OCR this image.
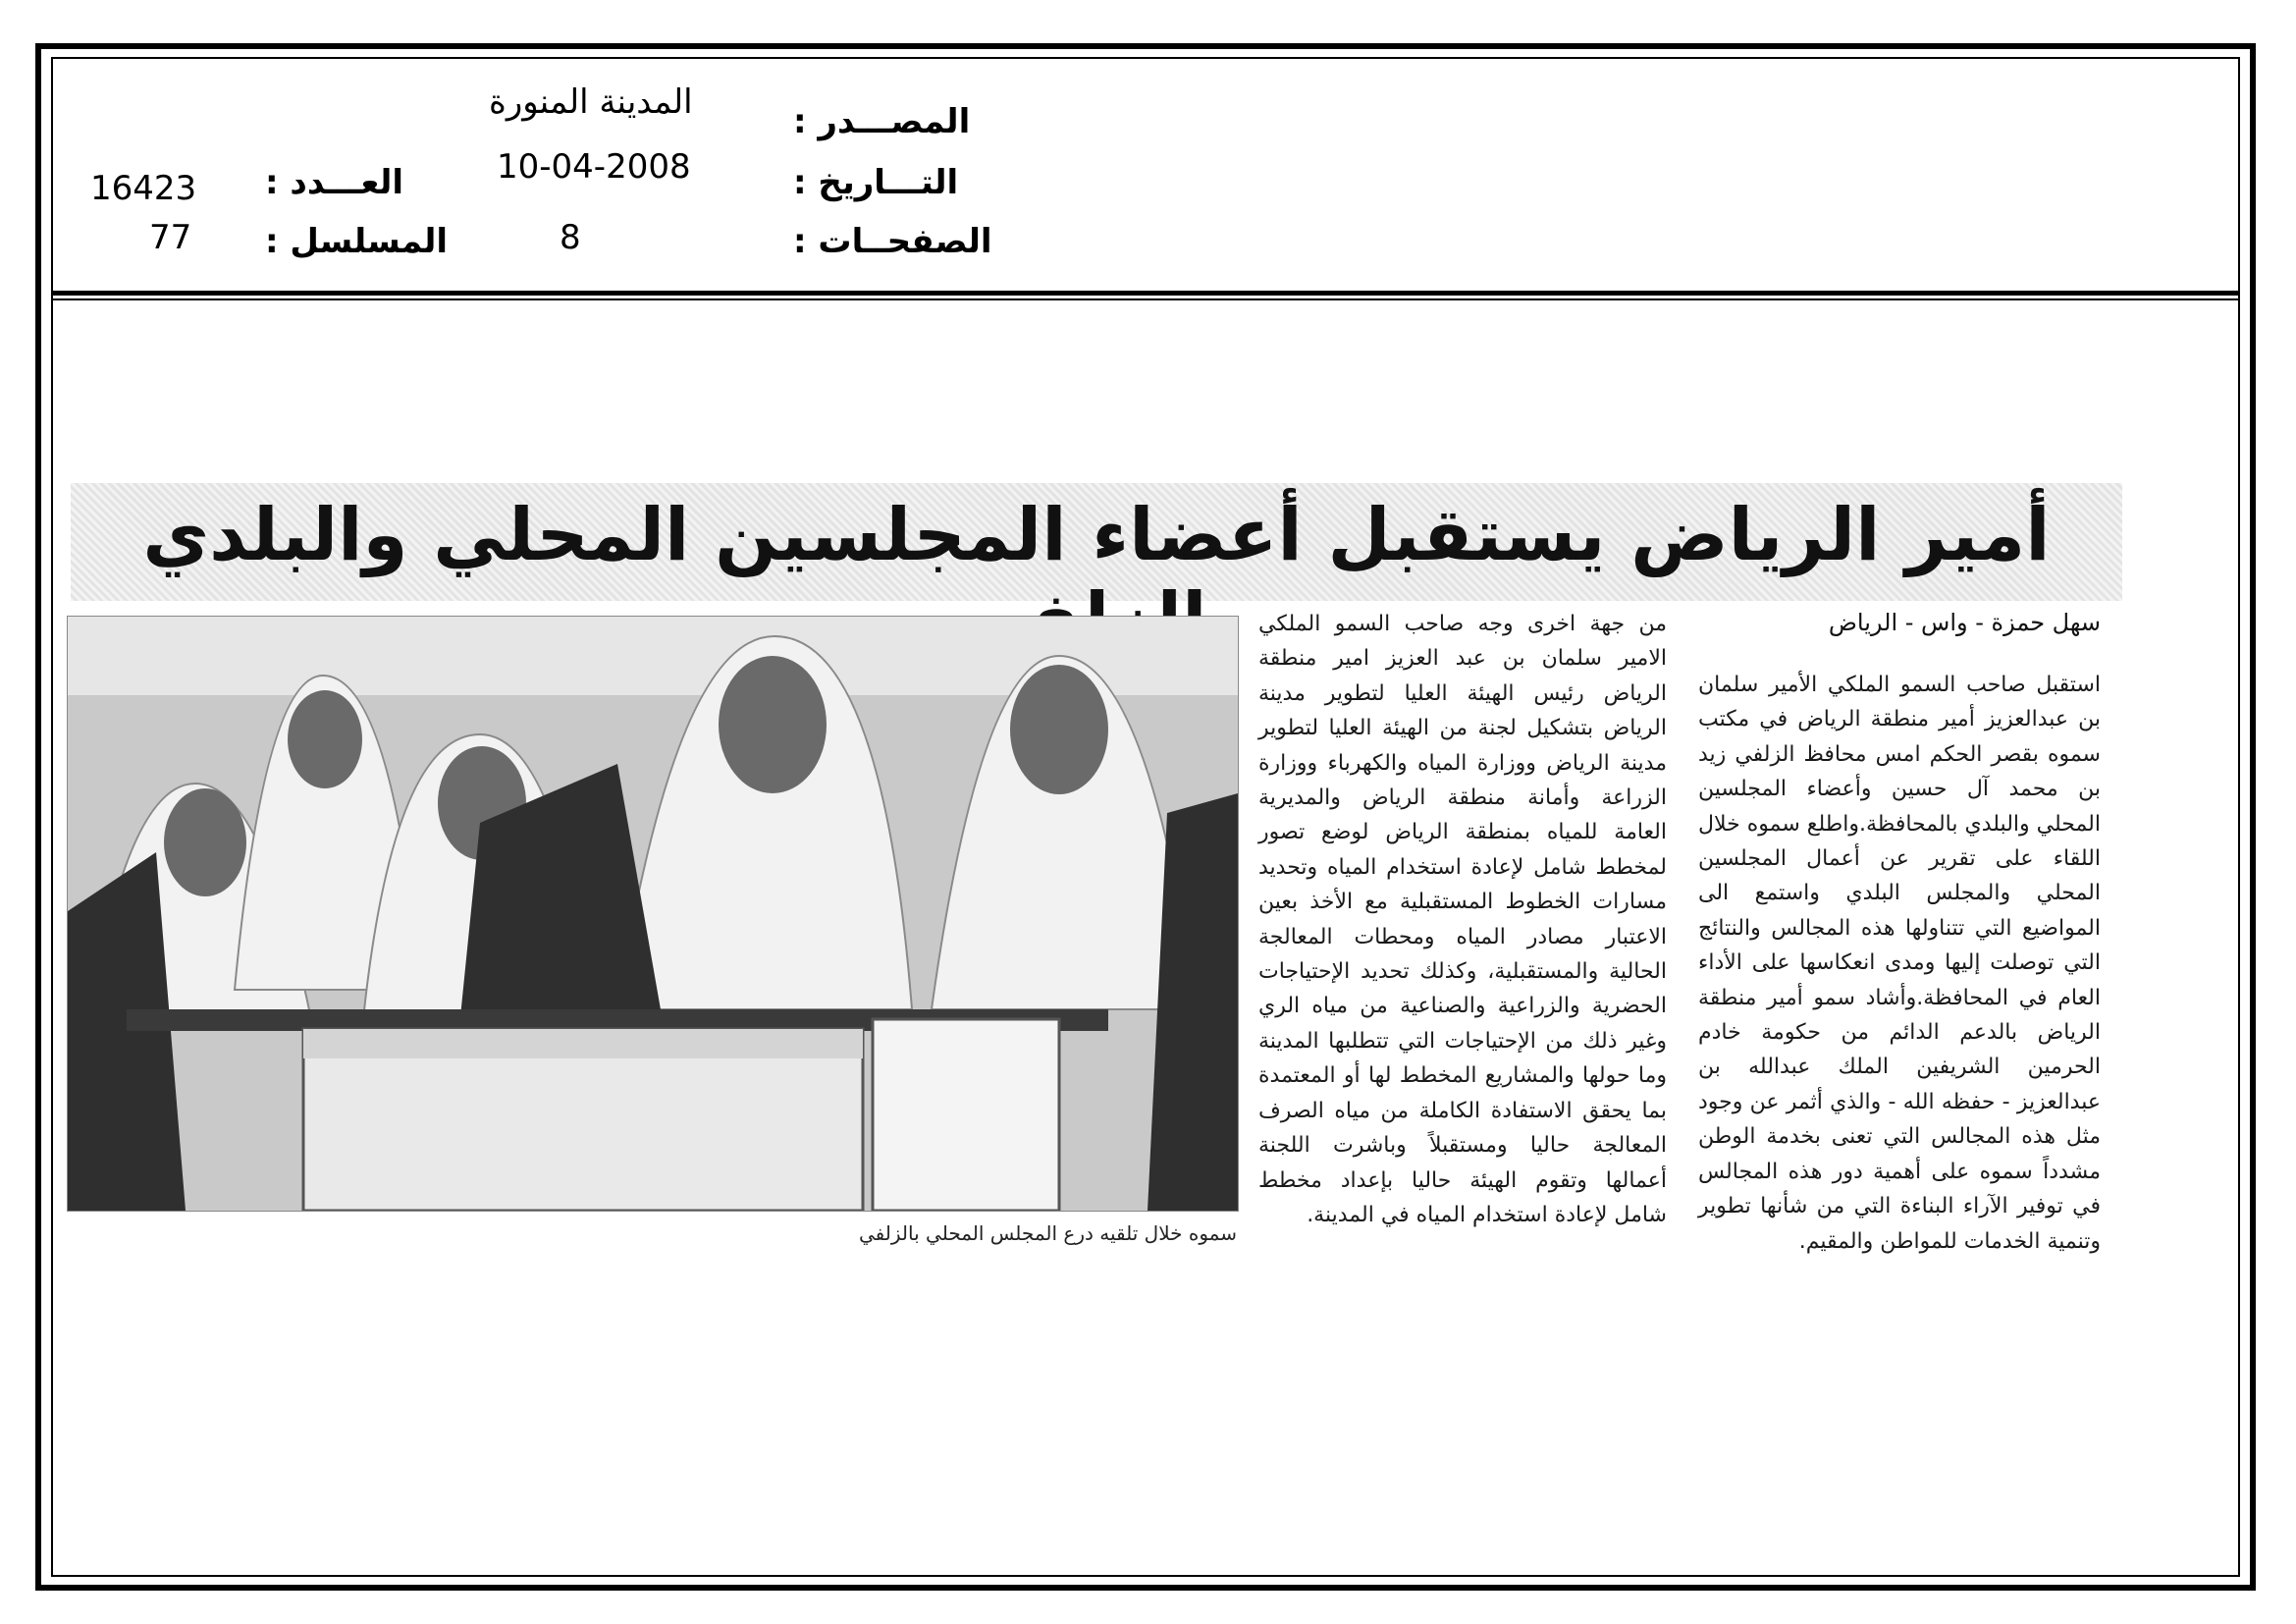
المصـــدر :
التـــاريخ :
الصفحــات :
العـــدد :
المسلسل :
المدينة المنورة
10-04-2008
8
16423
77
أمير الرياض يستقبل أعضاء المجلسين المحلي والبلدي
سموه خلال تلقيه درع المجلس المحلي بالزلفي
سهل حمزة - واس - الرياض

استقبل صاحب السمو الملكي الأمير سلمان بن عبدالعزيز أمير منطقة الرياض في مكتب سموه بقصر الحكم امس محافظ الزلفي زيد بن محمد آل حسين وأعضاء المجلسين المحلي والبلدي بالمحافظة.واطلع سموه خلال اللقاء على تقرير عن أعمال المجلسين المحلي والمجلس البلدي واستمع الى المواضيع التي تتناولها هذه المجالس والنتائج التي توصلت إليها ومدى انعكاسها على الأداء العام في المحافظة.وأشاد سمو أمير منطقة الرياض بالدعم الدائم من حكومة خادم الحرمين الشريفين الملك عبدالله بن عبدالعزيز - حفظه الله - والذي أثمر عن وجود مثل هذه المجالس التي تعنى بخدمة الوطن مشدداً سموه على أهمية دور هذه المجالس في توفير الآراء البناءة التي من شأنها تطوير وتنمية الخدمات للمواطن والمقيم.

من جهة اخرى وجه صاحب السمو الملكي الامير سلمان بن عبد العزيز امير منطقة الرياض رئيس الهيئة العليا لتطوير مدينة الرياض بتشكيل لجنة من الهيئة العليا لتطوير مدينة الرياض ووزارة المياه والكهرباء ووزارة الزراعة وأمانة منطقة الرياض والمديرية العامة للمياه بمنطقة الرياض لوضع تصور لمخطط شامل لإعادة استخدام المياه وتحديد مسارات الخطوط المستقبلية مع الأخذ بعين الاعتبار مصادر المياه ومحطات المعالجة الحالية والمستقبلية، وكذلك تحديد الإحتياجات الحضرية والزراعية والصناعية من مياه الري وغير ذلك من الإحتياجات التي تتطلبها المدينة وما حولها والمشاريع المخطط لها أو المعتمدة بما يحقق الاستفادة الكاملة من مياه الصرف المعالجة حاليا ومستقبلاً وباشرت اللجنة أعمالها وتقوم الهيئة حاليا بإعداد مخطط شامل لإعادة استخدام المياه في المدينة.
